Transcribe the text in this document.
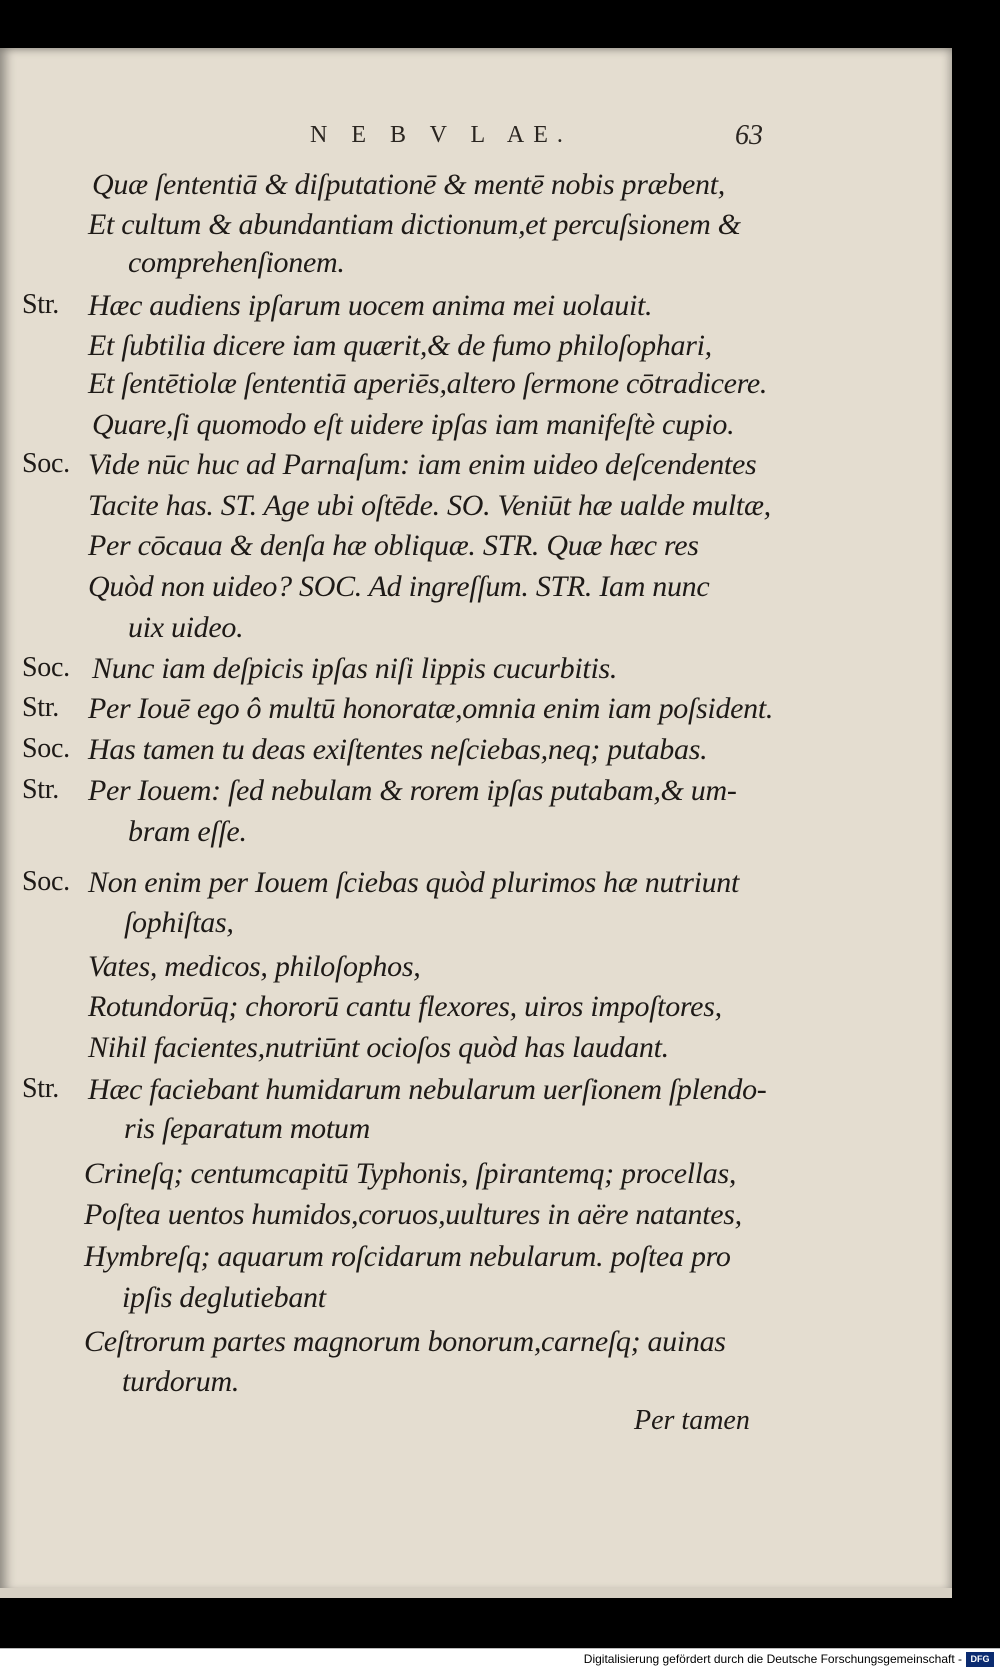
N E B V L AE.	63
Quæ ſententiā & diſputationē & mentē nobis præbent,
Et cultum & abundantiam dictionum,et percuſsionem &
comprehenſionem.
Str. Hæc audiens ipſarum uocem anima mei uolauit.
Et ſubtilia dicere iam quærit,& de fumo philoſophari,
Et ſentētiolæ ſententiā aperiēs,altero ſermone cōtradicere.
Quare,ſi quomodo eſt uidere ipſas iam manifeſtè cupio.
Soc. Vide nūc huc ad Parnaſum: iam enim uideo deſcendentes
Tacite has. ST. Age ubi oſtēde. SO. Veniūt hæ ualde multæ,
Per cōcaua & denſa hæ obliquæ. STR. Quæ hæc res
Quòd non uideo? SOC. Ad ingreſſum. STR. Iam nunc
uix uideo.
Soc. Nunc iam deſpicis ipſas niſi lippis cucurbitis.
Str. Per Iouē ego ô multū honoratæ,omnia enim iam poſsident.
Soc. Has tamen tu deas exiſtentes neſciebas,neq; putabas.
Str. Per Iouem: ſed nebulam & rorem ipſas putabam,& um-
bram eſſe.
Soc. Non enim per Iouem ſciebas quòd plurimos hæ nutriunt
ſophiſtas,
Vates, medicos, philoſophos,
Rotundorūq; chororū cantu flexores, uiros impoſtores,
Nihil facientes,nutriūnt ocioſos quòd has laudant.
Str. Hæc faciebant humidarum nebularum uerſionem ſplendo-
ris ſeparatum motum
Crineſq; centumcapitū Typhonis, ſpirantemq; procellas,
Poſtea uentos humidos,coruos,uultures in aëre natantes,
Hymbreſq; aquarum roſcidarum nebularum. poſtea pro
ipſis deglutiebant
Ceſtrorum partes magnorum bonorum,carneſq; auinas
turdorum.
Per tamen
Digitalisierung gefördert durch die Deutsche Forschungsgemeinschaft - DFG
